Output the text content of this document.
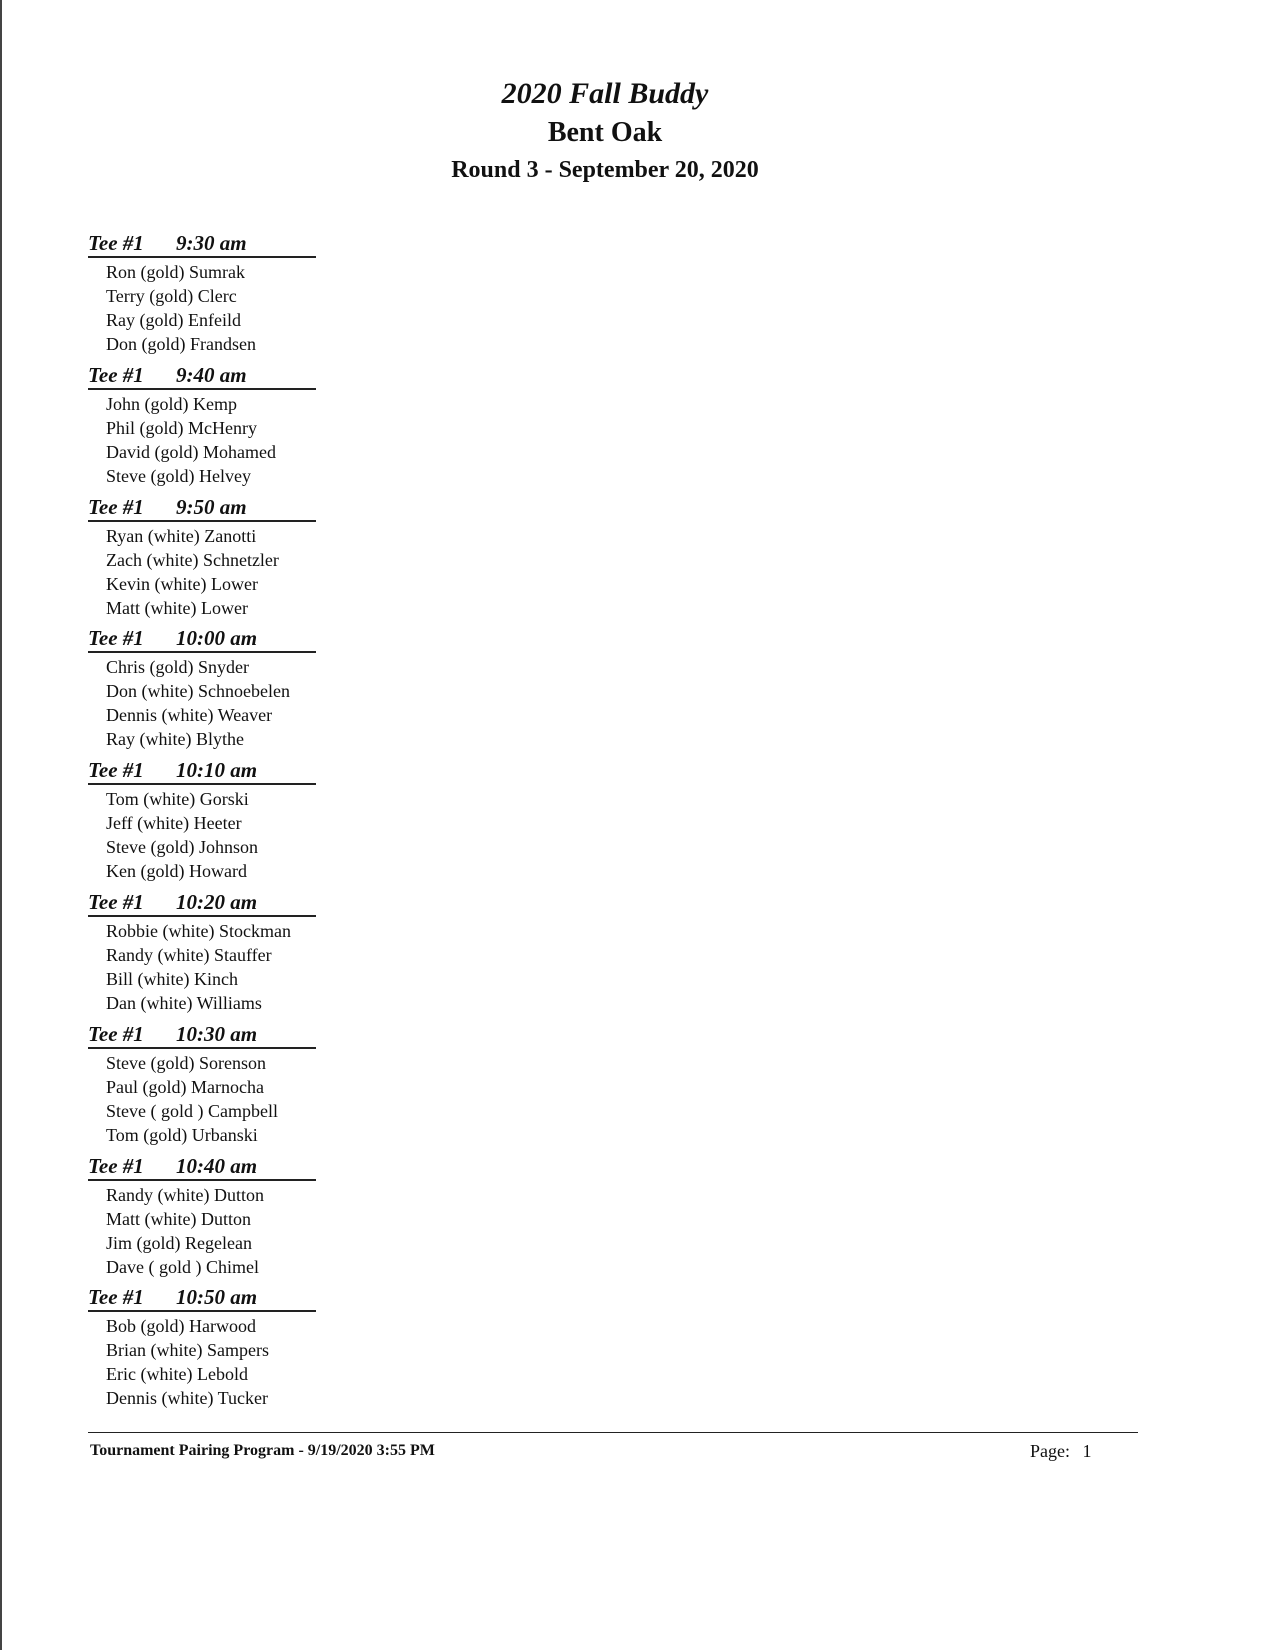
2020 Fall Buddy
Bent Oak
Round 3 - September 20, 2020
Tee #1 9:30 am
Ron (gold) Sumrak
Terry (gold) Clerc
Ray (gold) Enfeild
Don (gold) Frandsen
Tee #1 9:40 am
John (gold) Kemp
Phil (gold) McHenry
David (gold) Mohamed
Steve (gold) Helvey
Tee #1 9:50 am
Ryan (white) Zanotti
Zach (white) Schnetzler
Kevin (white) Lower
Matt (white) Lower
Tee #1 10:00 am
Chris (gold) Snyder
Don (white) Schnoebelen
Dennis (white) Weaver
Ray (white) Blythe
Tee #1 10:10 am
Tom (white) Gorski
Jeff (white) Heeter
Steve (gold) Johnson
Ken (gold) Howard
Tee #1 10:20 am
Robbie (white) Stockman
Randy (white) Stauffer
Bill (white) Kinch
Dan (white) Williams
Tee #1 10:30 am
Steve (gold) Sorenson
Paul (gold) Marnocha
Steve ( gold ) Campbell
Tom (gold) Urbanski
Tee #1 10:40 am
Randy (white) Dutton
Matt (white) Dutton
Jim (gold) Regelean
Dave ( gold ) Chimel
Tee #1 10:50 am
Bob (gold) Harwood
Brian (white) Sampers
Eric (white) Lebold
Dennis (white) Tucker
Tournament Pairing Program - 9/19/2020 3:55 PM	Page: 1
